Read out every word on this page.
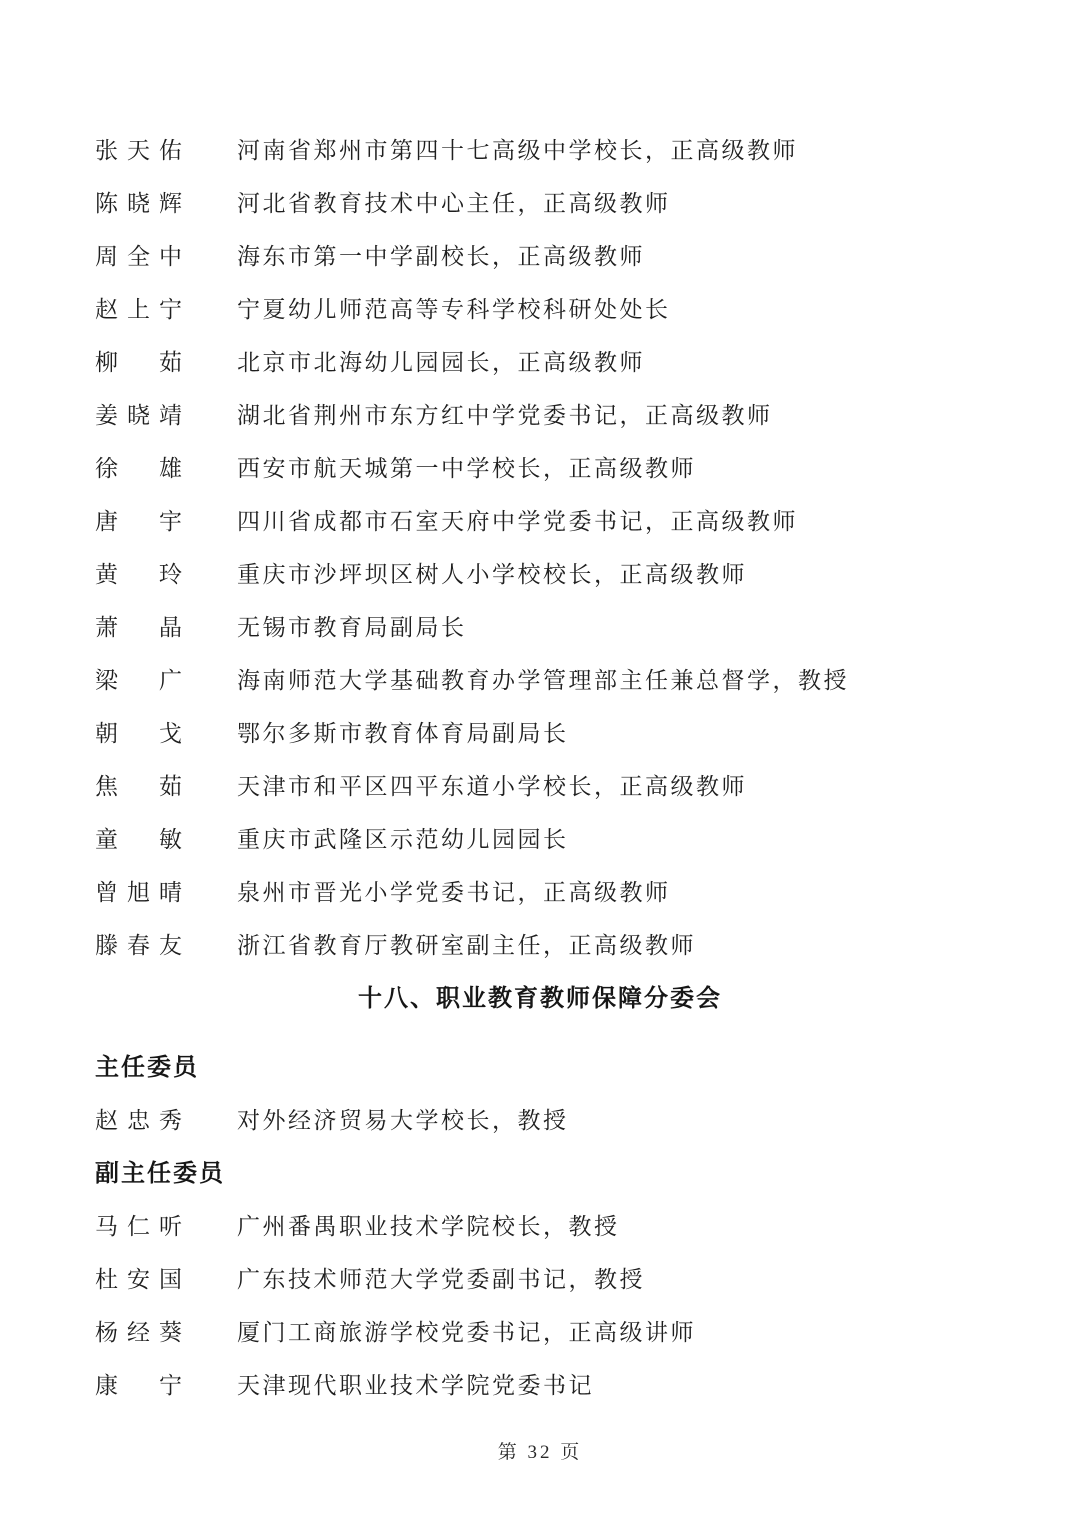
张天佑	河南省郑州市第四十七高级中学校长，正高级教师
陈晓辉	河北省教育技术中心主任，正高级教师
周全中	海东市第一中学副校长，正高级教师
赵上宁	宁夏幼儿师范高等专科学校科研处处长
柳　茹	北京市北海幼儿园园长，正高级教师
姜晓靖	湖北省荆州市东方红中学党委书记，正高级教师
徐　雄	西安市航天城第一中学校长，正高级教师
唐　宇	四川省成都市石室天府中学党委书记，正高级教师
黄　玲	重庆市沙坪坝区树人小学校校长，正高级教师
萧　晶	无锡市教育局副局长
梁　广	海南师范大学基础教育办学管理部主任兼总督学，教授
朝　戈	鄂尔多斯市教育体育局副局长
焦　茹	天津市和平区四平东道小学校长，正高级教师
童　敏	重庆市武隆区示范幼儿园园长
曾旭晴	泉州市晋光小学党委书记，正高级教师
滕春友	浙江省教育厅教研室副主任，正高级教师
十八、职业教育教师保障分委会
主任委员
赵忠秀	对外经济贸易大学校长，教授
副主任委员
马仁听	广州番禺职业技术学院校长，教授
杜安国	广东技术师范大学党委副书记，教授
杨经葵	厦门工商旅游学校党委书记，正高级讲师
康　宁	天津现代职业技术学院党委书记
第 32 页
